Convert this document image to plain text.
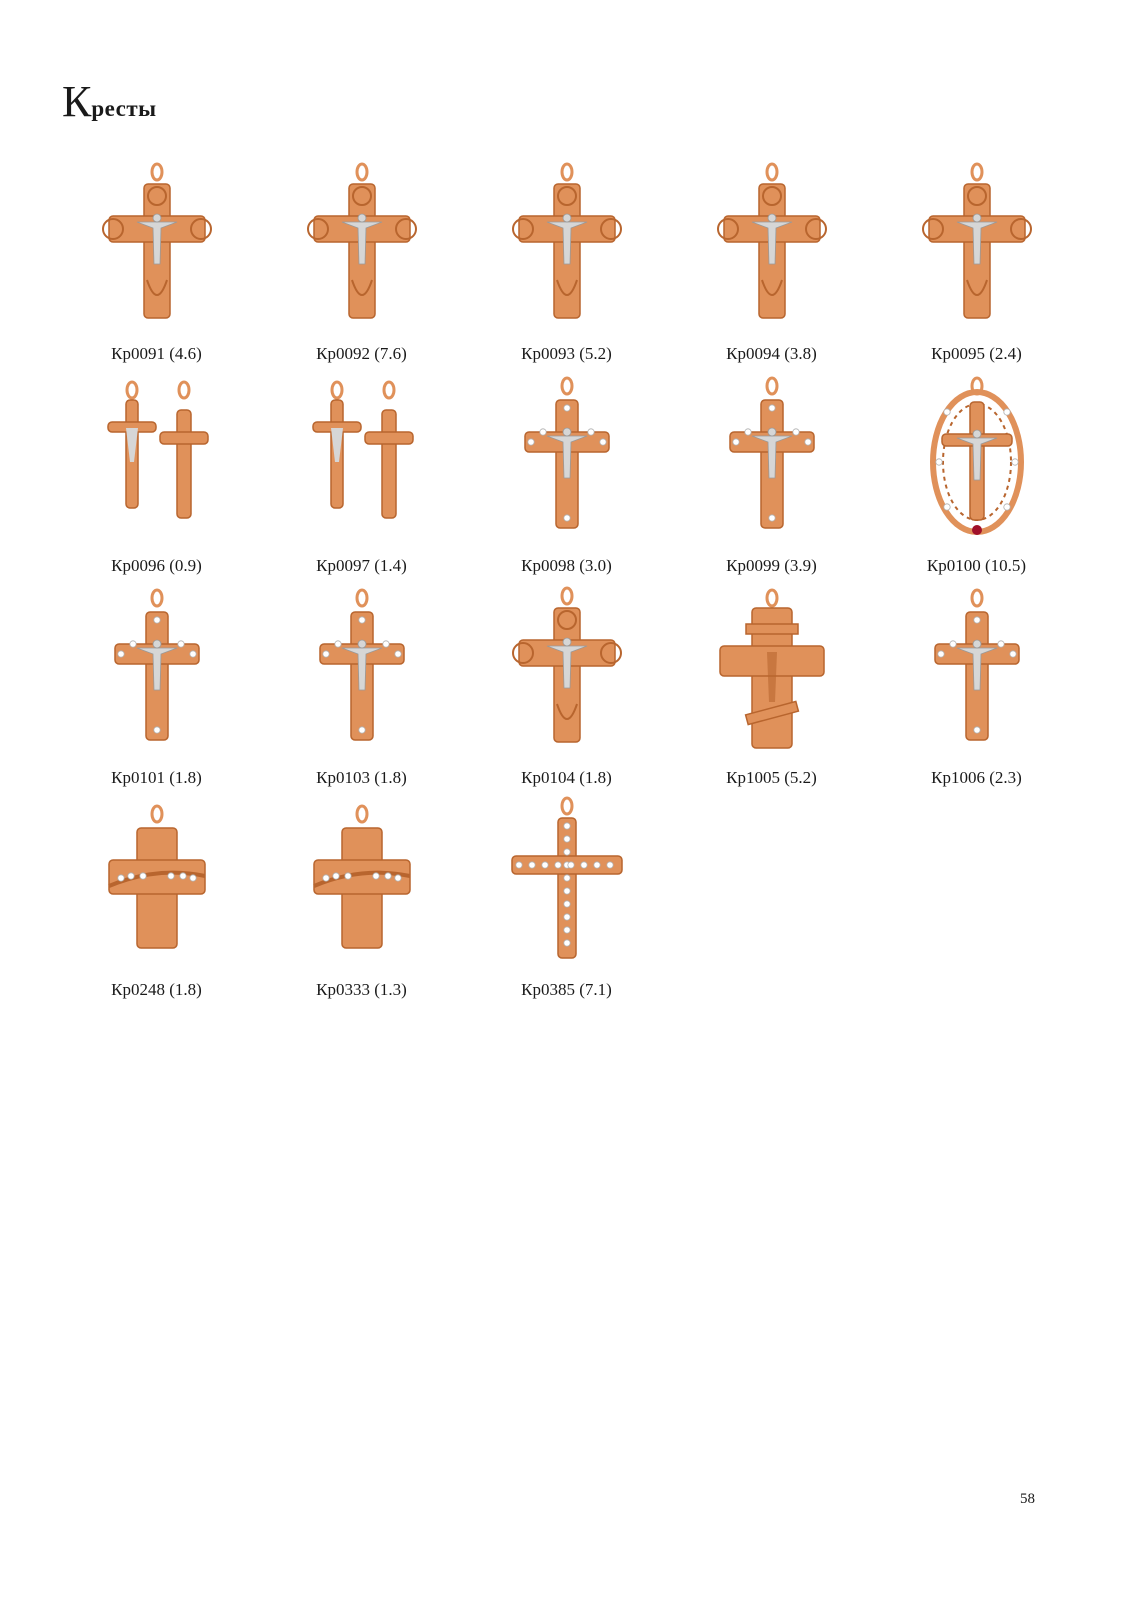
Кресты
Кр0091 (4.6)	Кр0092 (7.6)	Кр0093 (5.2)	Кр0094 (3.8)	Кр0095 (2.4)
Кр0096 (0.9)	Кр0097 (1.4)	Кр0098 (3.0)	Кр0099 (3.9)	Кр0100 (10.5)
Кр0101 (1.8)	Кр0103 (1.8)	Кр0104 (1.8)	Кр1005 (5.2)	Кр1006 (2.3)
Кр0248 (1.8)	Кр0333 (1.3)	Кр0385 (7.1)
58
